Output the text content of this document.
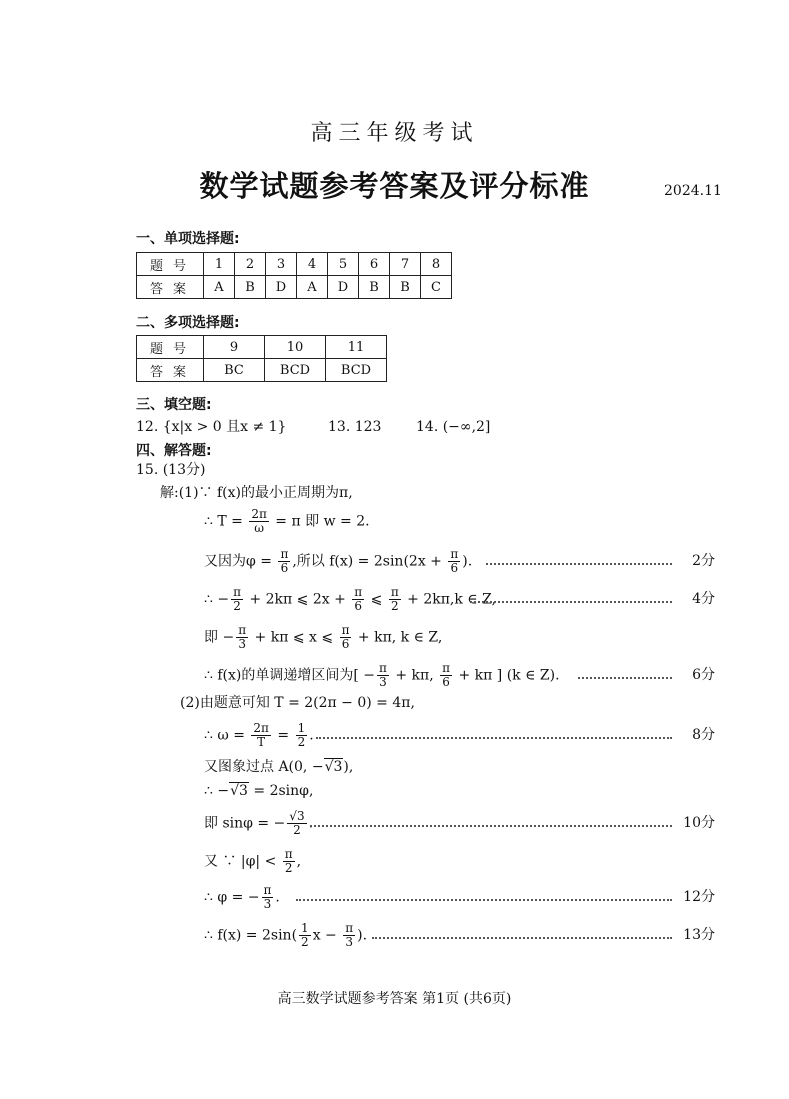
高三年级考试
数学试题参考答案及评分标准	2024.11
一、单项选择题:
题号	1	2	3	4	5	6	7	8
答案	A	B	D	A	D	B	B	C
二、多项选择题:
题号	9	10	11
答案	BC	BCD	BCD
三、填空题:
12. {x|x > 0 且x ≠ 1}	13. 123 14. (−∞,2]
四、解答题:
15. (13分)
解:(1)∵ f(x)的最小正周期为π,
∴ $T = \frac{2\pi}{\omega} = \pi$ 即 w = 2.
又因为$\varphi = \frac{\pi}{6}$ ,所以 $f(x) = 2\sin(2x + \frac{\pi}{6}$ ).	2分
∴ − $\frac{\pi}{2} + 2k\pi$ ⩽ $2x + \frac{\pi}{6}$ ⩽ $\frac{\pi}{2} + 2k\pi,k$ ∈ Z,	4分
即 − $\frac{\pi}{3} + k\pi$ ⩽ x ⩽ $\frac{\pi}{6} + k\pi$, k ∈ Z,
∴ f(x)的单调递增区间为[ − $\frac{\pi}{3} + k\pi$, $\frac{\pi}{6} + k\pi$ ] (k ∈ Z).	6分
(2)由题意可知 T = 2(2π − 0) = 4π,
∴ $\omega = \frac{2\pi}{T} = \frac{1}{2}$ .	8分
又图象过点 A(0, −√3),
∴ −√3 = 2sinφ,
即 sinφ = − $\frac{√3}{2}$ .	10分
又 ∵ $|\varphi| < \frac{\pi}{2}$ ,
∴ φ = − $\frac{\pi}{3}$ .	12分
∴ $f(x) = 2\sin( \frac{1}{2}$ $x - \frac{\pi}{3}$ ).	13分
高三数学试题参考答案 第1页 (共6页)
